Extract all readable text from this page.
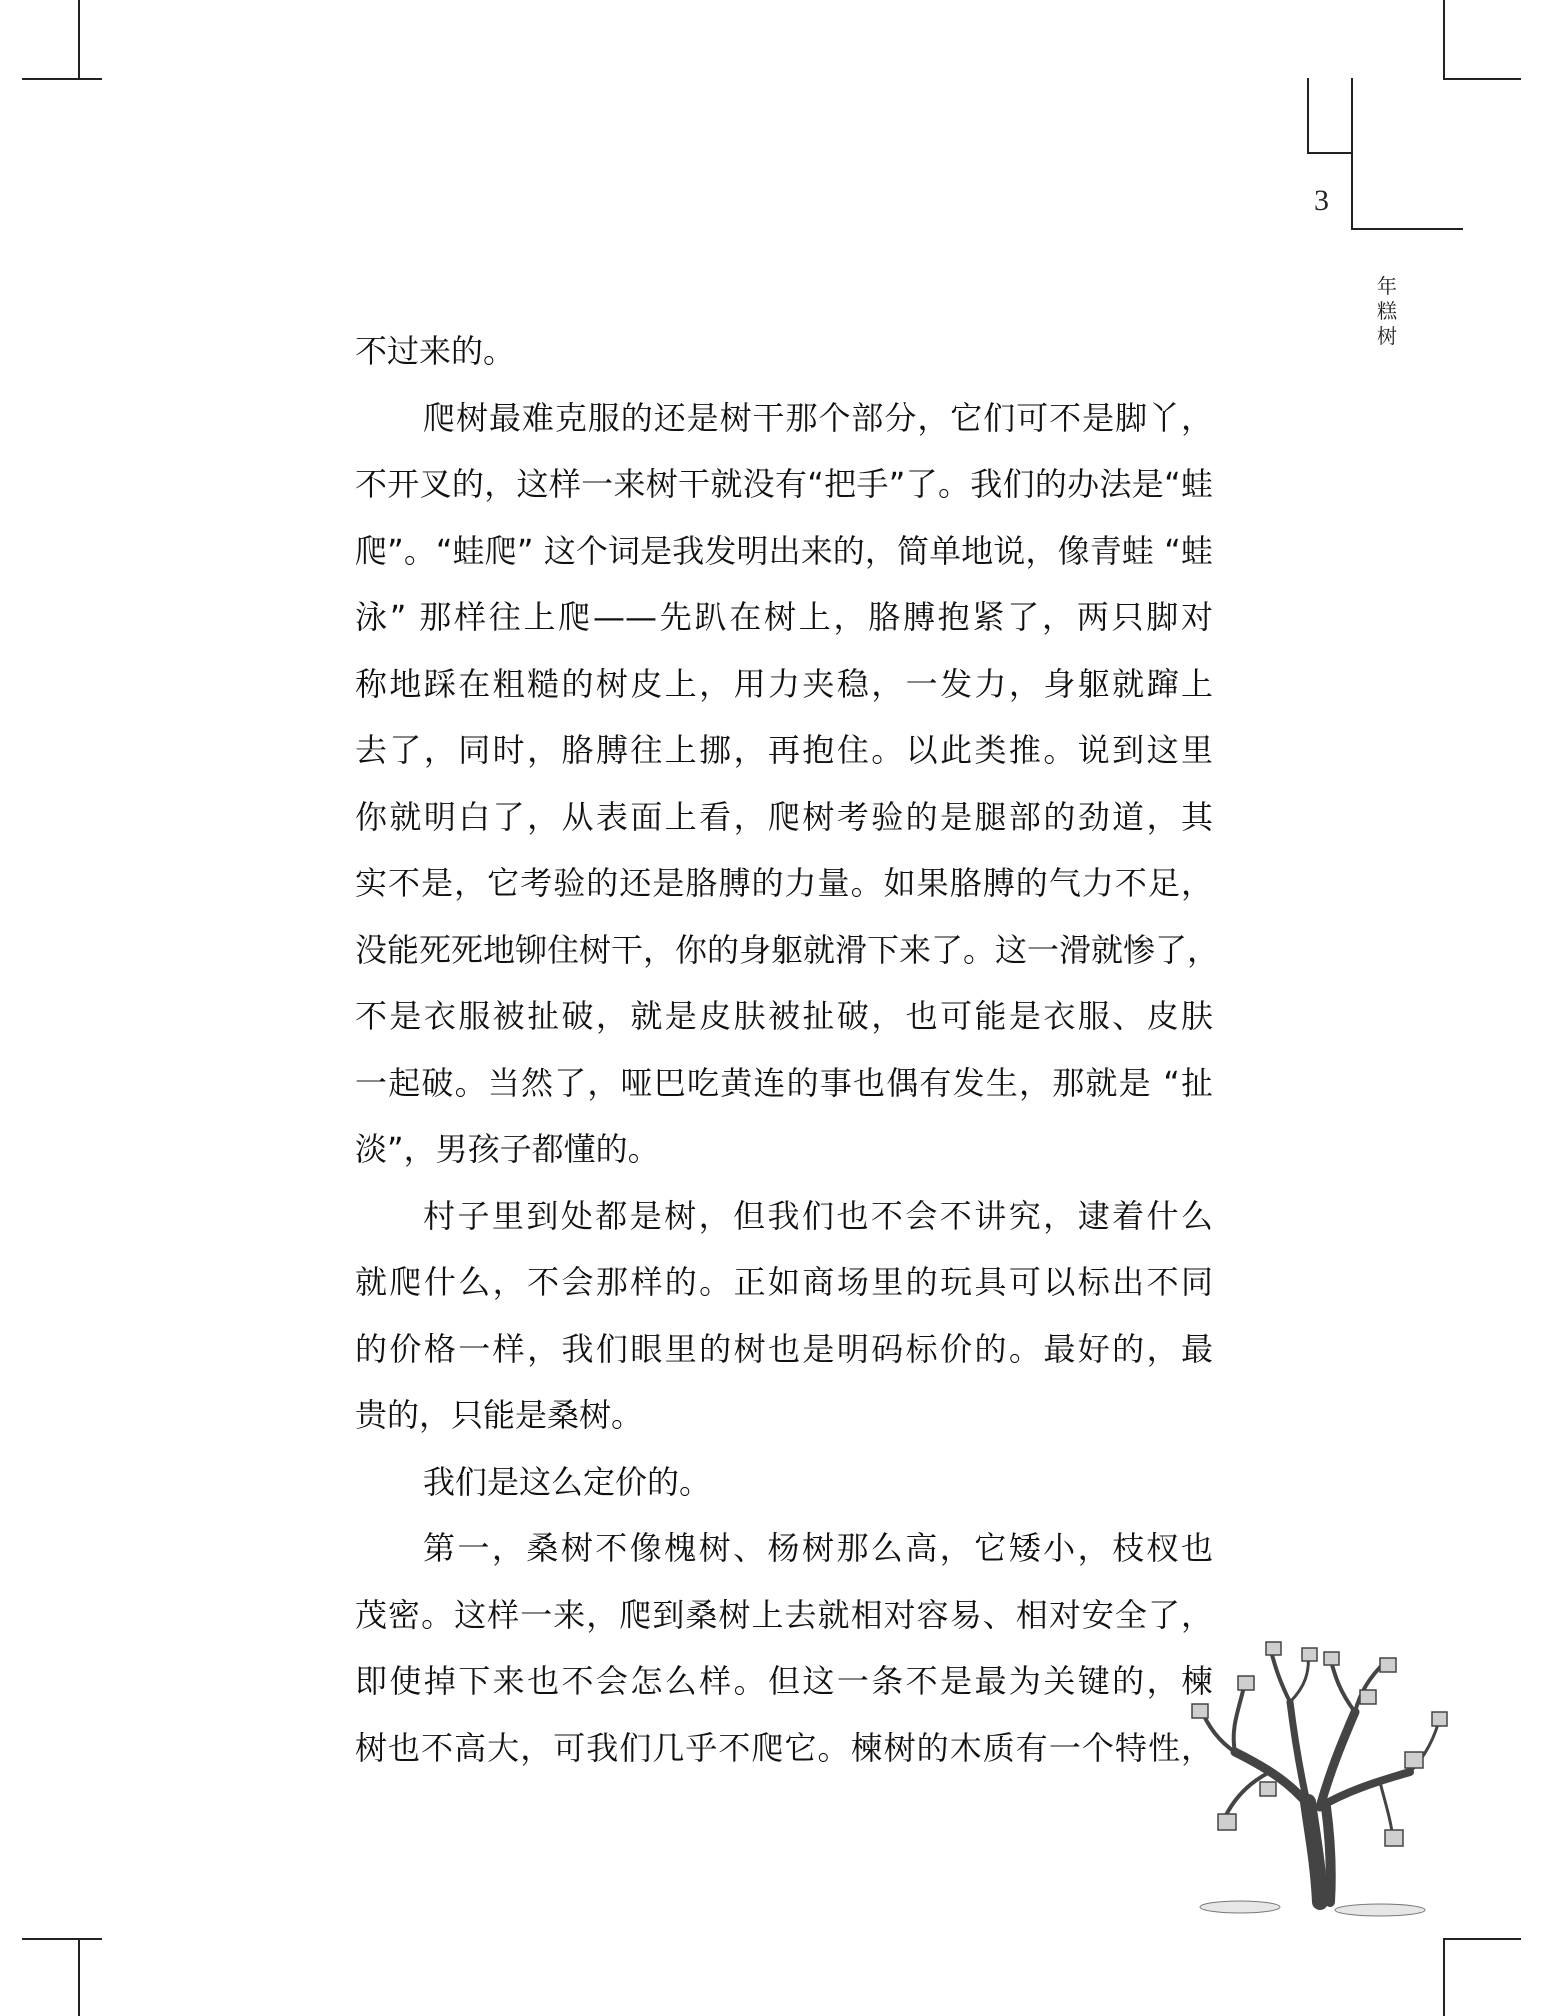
3
年
糕
树
不过来的。
爬树最难克服的还是树干那个部分，它们可不是脚丫，
不开叉的，这样一来树干就没有“把手”了。我们的办法是“蛙
爬”。“蛙爬” 这个词是我发明出来的，简单地说，像青蛙 “蛙
泳” 那样往上爬——先趴在树上，胳膊抱紧了，两只脚对
称地踩在粗糙的树皮上，用力夹稳，一发力，身躯就蹿上
去了，同时，胳膊往上挪，再抱住。以此类推。说到这里
你就明白了，从表面上看，爬树考验的是腿部的劲道，其
实不是，它考验的还是胳膊的力量。如果胳膊的气力不足，
没能死死地铆住树干，你的身躯就滑下来了。这一滑就惨了，
不是衣服被扯破，就是皮肤被扯破，也可能是衣服、皮肤
一起破。当然了，哑巴吃黄连的事也偶有发生，那就是 “扯
淡”，男孩子都懂的。
村子里到处都是树，但我们也不会不讲究，逮着什么
就爬什么，不会那样的。正如商场里的玩具可以标出不同
的价格一样，我们眼里的树也是明码标价的。最好的，最
贵的，只能是桑树。
我们是这么定价的。
第一，桑树不像槐树、杨树那么高，它矮小，枝杈也
茂密。这样一来，爬到桑树上去就相对容易、相对安全了，
即使掉下来也不会怎么样。但这一条不是最为关键的，楝
树也不高大，可我们几乎不爬它。楝树的木质有一个特性，
